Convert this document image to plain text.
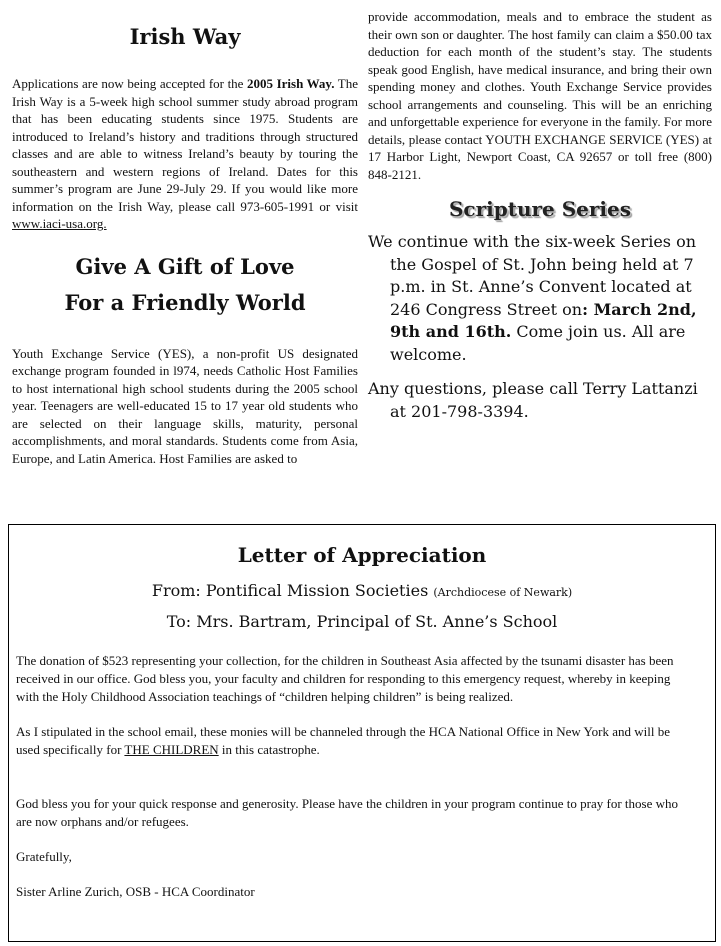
Irish Way

Applications are now being accepted for the 2005 Irish Way. The Irish Way is a 5-week high school summer study abroad program that has been educating students since 1975. Students are introduced to Ireland’s history and traditions through structured classes and are able to witness Ireland’s beauty by touring the southeastern and western regions of Ireland. Dates for this summer’s program are June 29-July 29. If you would like more information on the Irish Way, please call 973-605-1991 or visit www.iaci-usa.org.

Give A Gift of Love
For a Friendly World

Youth Exchange Service (YES), a non-profit US designated exchange program founded in l974, needs Catholic Host Families to host international high school students during the 2005 school year. Teenagers are well-educated 15 to 17 year old students who are selected on their language skills, maturity, personal accomplishments, and moral standards. Students come from Asia, Europe, and Latin America. Host Families are asked to

provide accommodation, meals and to embrace the student as their own son or daughter. The host family can claim a $50.00 tax deduction for each month of the student’s stay. The students speak good English, have medical insurance, and bring their own spending money and clothes. Youth Exchange Service provides school arrangements and counseling. This will be an enriching and unforgettable experience for everyone in the family. For more details, please contact YOUTH EXCHANGE SERVICE (YES) at 17 Harbor Light, Newport Coast, CA 92657 or toll free (800) 848-2121.

Scripture Series

We continue with the six-week Series on the Gospel of St. John being held at 7 p.m. in St. Anne’s Convent located at 246 Congress Street on: March 2nd, 9th and 16th. Come join us. All are welcome.

Any questions, please call Terry Lattanzi at 201-798-3394.

Letter of Appreciation

From: Pontifical Mission Societies (Archdiocese of Newark)

To: Mrs. Bartram, Principal of St. Anne’s School

The donation of $523 representing your collection, for the children in Southeast Asia affected by the tsunami disaster has been received in our office. God bless you, your faculty and children for responding to this emergency request, whereby in keeping with the Holy Childhood Association teachings of “children helping children” is being realized.

As I stipulated in the school email, these monies will be channeled through the HCA National Office in New York and will be used specifically for THE CHILDREN in this catastrophe.

God bless you for your quick response and generosity. Please have the children in your program continue to pray for those who are now orphans and/or refugees.

Gratefully,

Sister Arline Zurich, OSB - HCA Coordinator
